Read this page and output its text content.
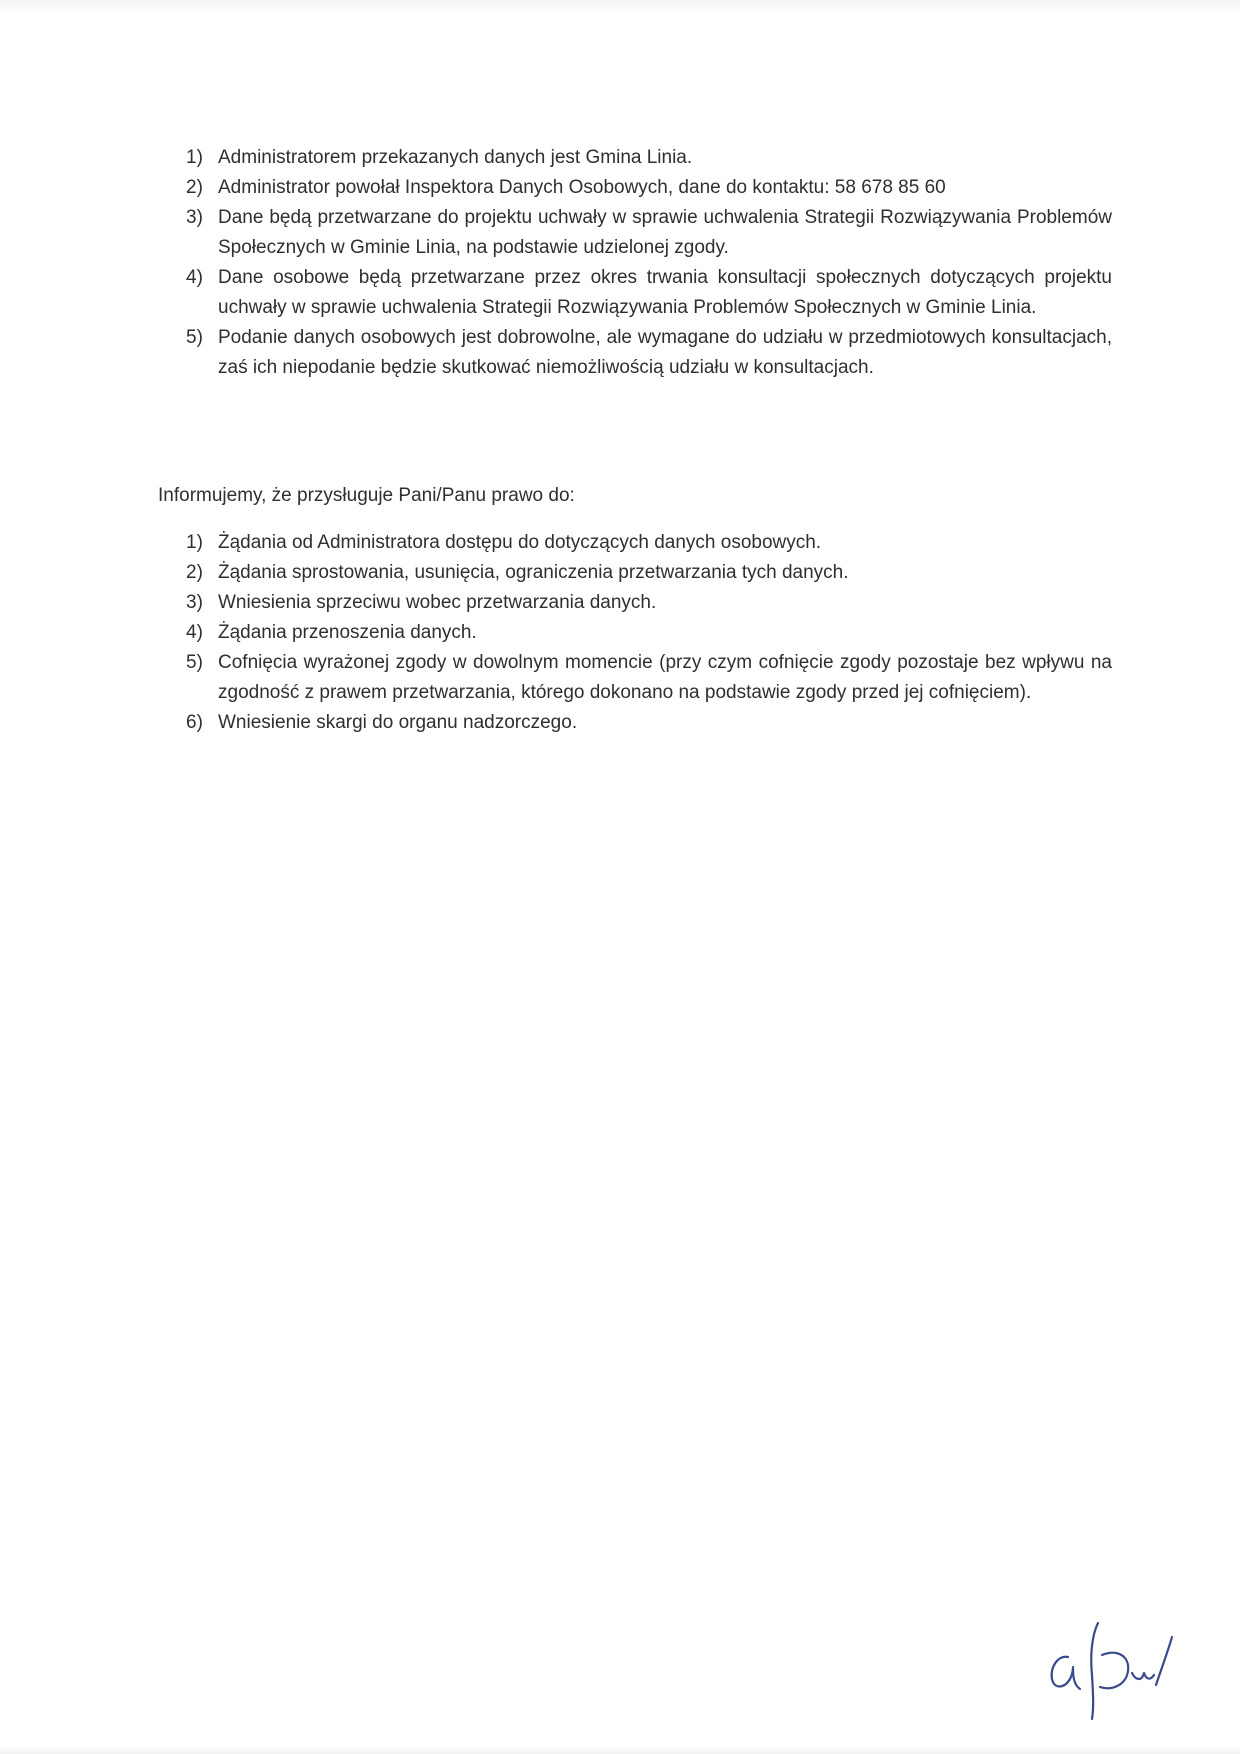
1) Administratorem przekazanych danych jest Gmina Linia.
2) Administrator powołał Inspektora Danych Osobowych, dane do kontaktu: 58 678 85 60
3) Dane będą przetwarzane do projektu uchwały w sprawie uchwalenia Strategii Rozwiązywania Problemów Społecznych w Gminie Linia, na podstawie udzielonej zgody.
4) Dane osobowe będą przetwarzane przez okres trwania konsultacji społecznych dotyczących projektu uchwały w sprawie uchwalenia Strategii Rozwiązywania Problemów Społecznych w Gminie Linia.
5) Podanie danych osobowych jest dobrowolne, ale wymagane do udziału w przedmiotowych konsultacjach, zaś ich niepodanie będzie skutkować niemożliwością udziału w konsultacjach.

Informujemy, że przysługuje Pani/Panu prawo do:

1) Żądania od Administratora dostępu do dotyczących danych osobowych.
2) Żądania sprostowania, usunięcia, ograniczenia przetwarzania tych danych.
3) Wniesienia sprzeciwu wobec przetwarzania danych.
4) Żądania przenoszenia danych.
5) Cofnięcia wyrażonej zgody w dowolnym momencie (przy czym cofnięcie zgody pozostaje bez wpływu na zgodność z prawem przetwarzania, którego dokonano na podstawie zgody przed jej cofnięciem).
6) Wniesienie skargi do organu nadzorczego.
